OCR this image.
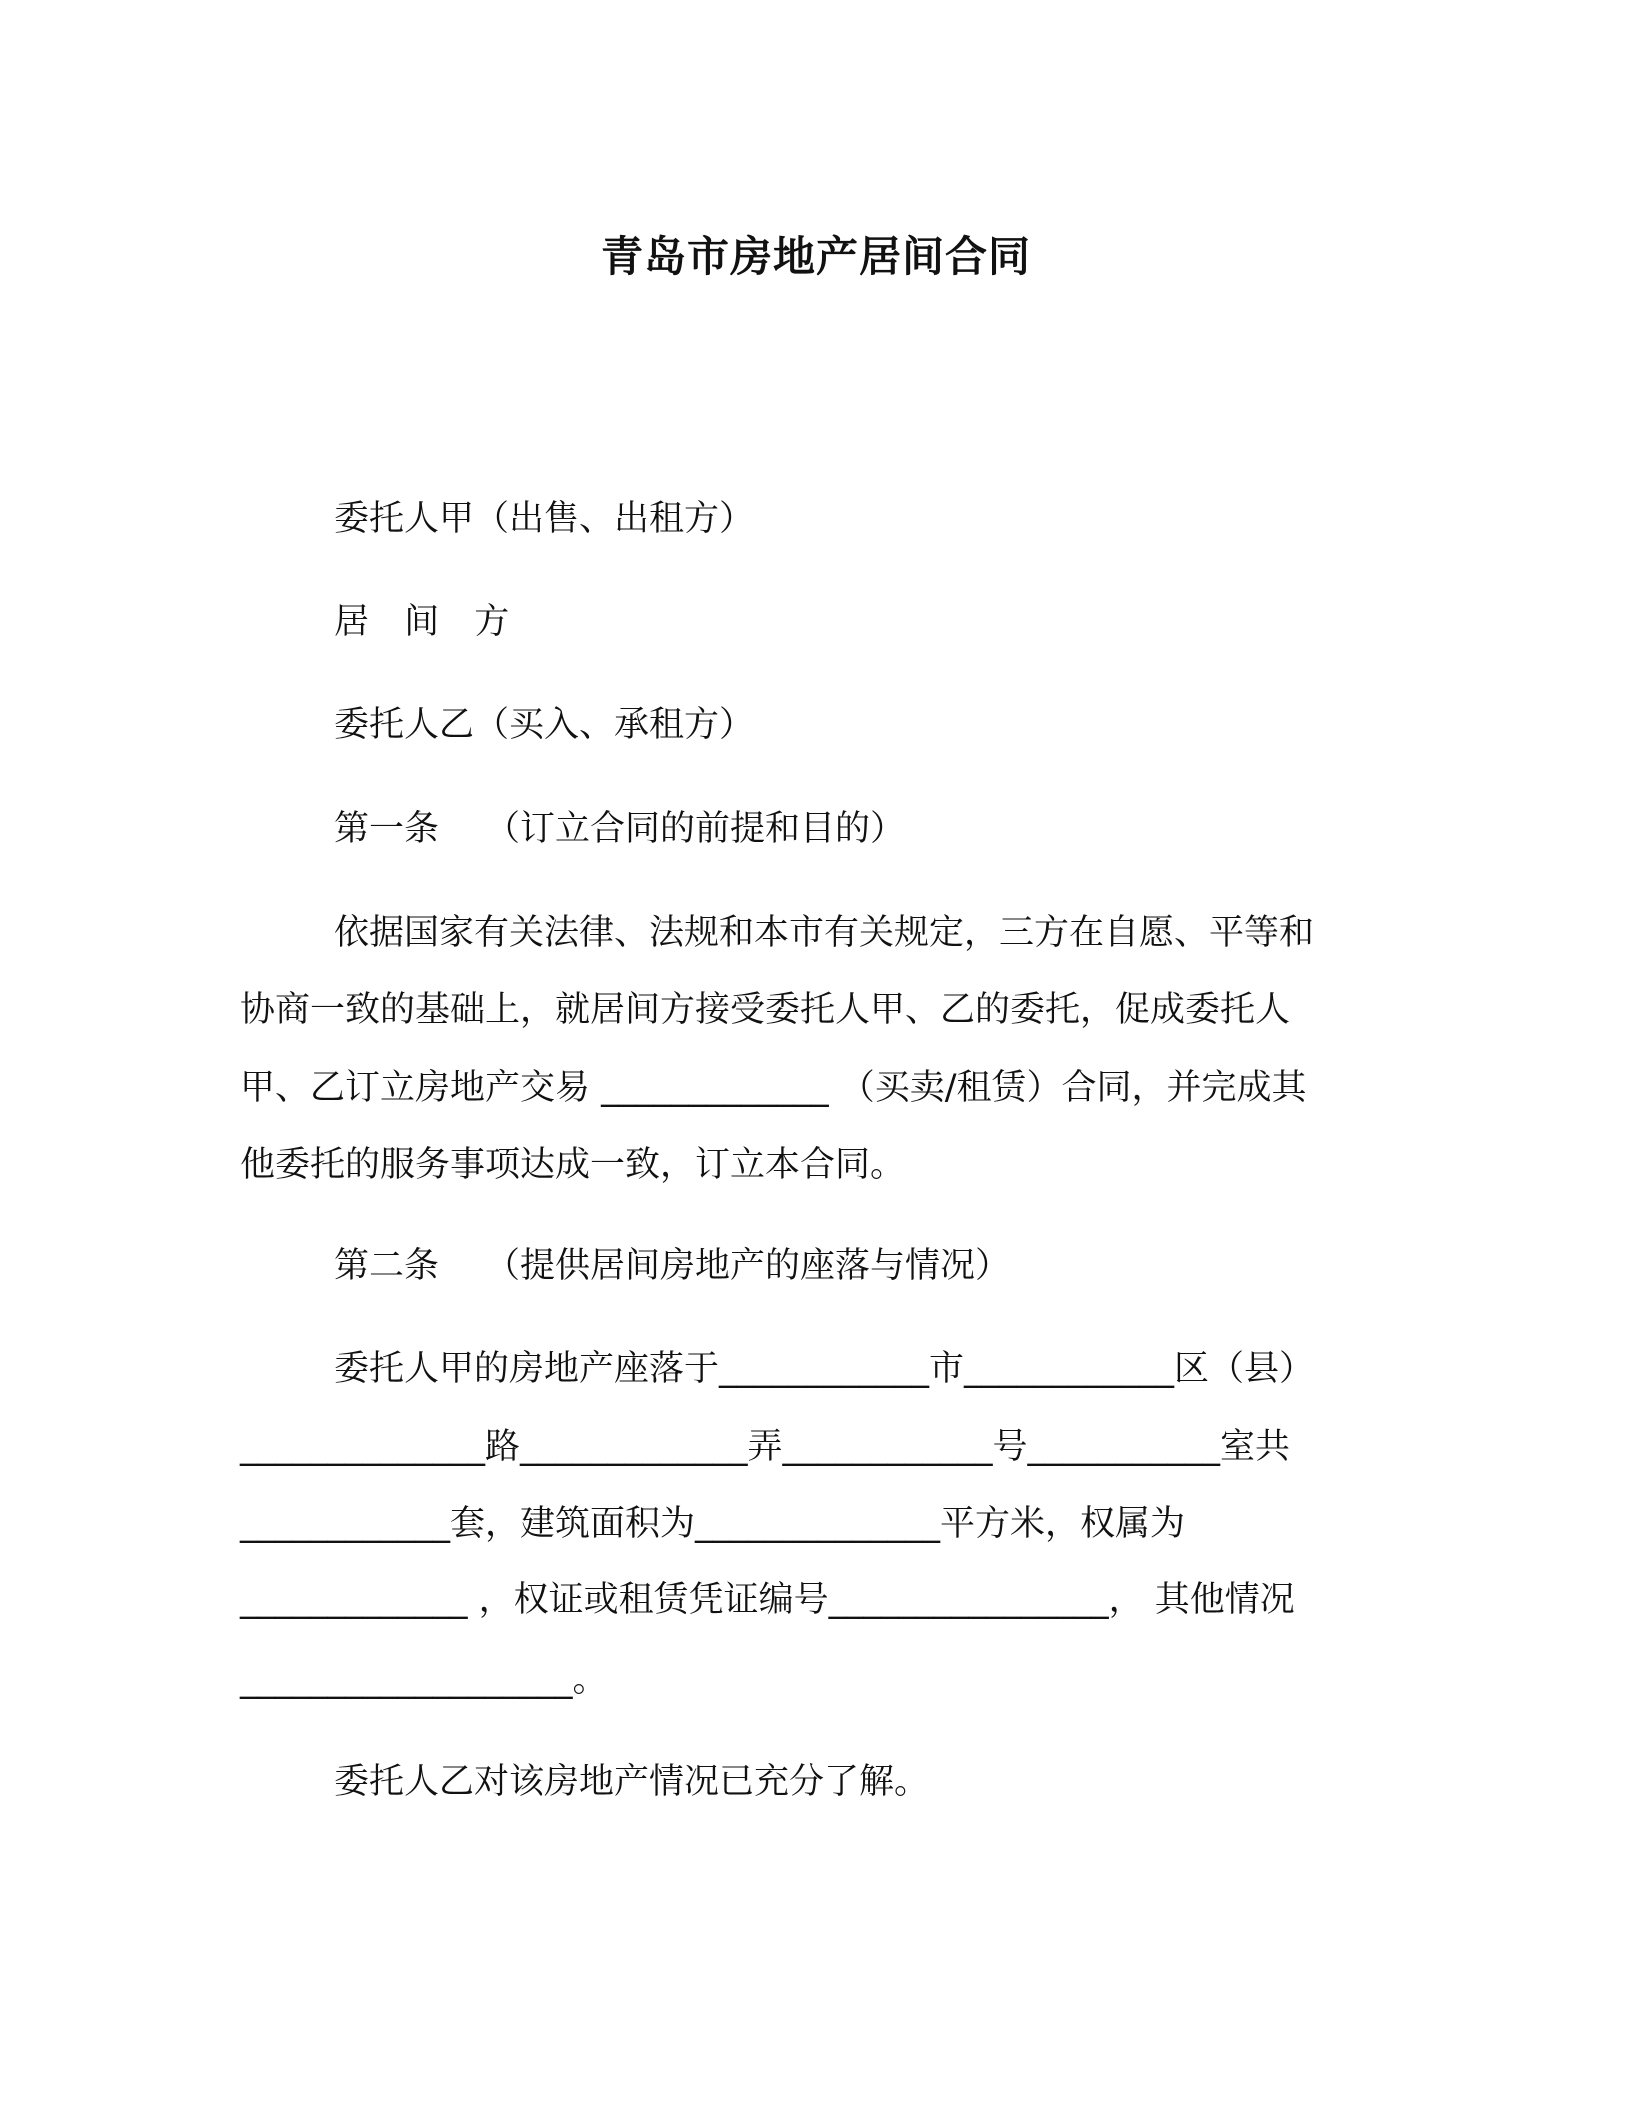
青岛市房地产居间合同

委托人甲（出售、出租方）

居 间 方

委托人乙（买入、承租方）

第一条 （订立合同的前提和目的）

依据国家有关法律、法规和本市有关规定，三方在自愿、平等和

协商一致的基础上，就居间方接受委托人甲、乙的委托，促成委托人

甲、乙订立房地产交易 _____________ （买卖/租赁）合同，并完成其

他委托的服务事项达成一致，订立本合同。

第二条 （提供居间房地产的座落与情况）

委托人甲的房地产座落于____________市____________区（县）

______________路_____________弄____________号___________室共

____________套，建筑面积为______________平方米，权属为

_____________ ，权证或租赁凭证编号________________， 其他情况

___________________。

委托人乙对该房地产情况已充分了解。
